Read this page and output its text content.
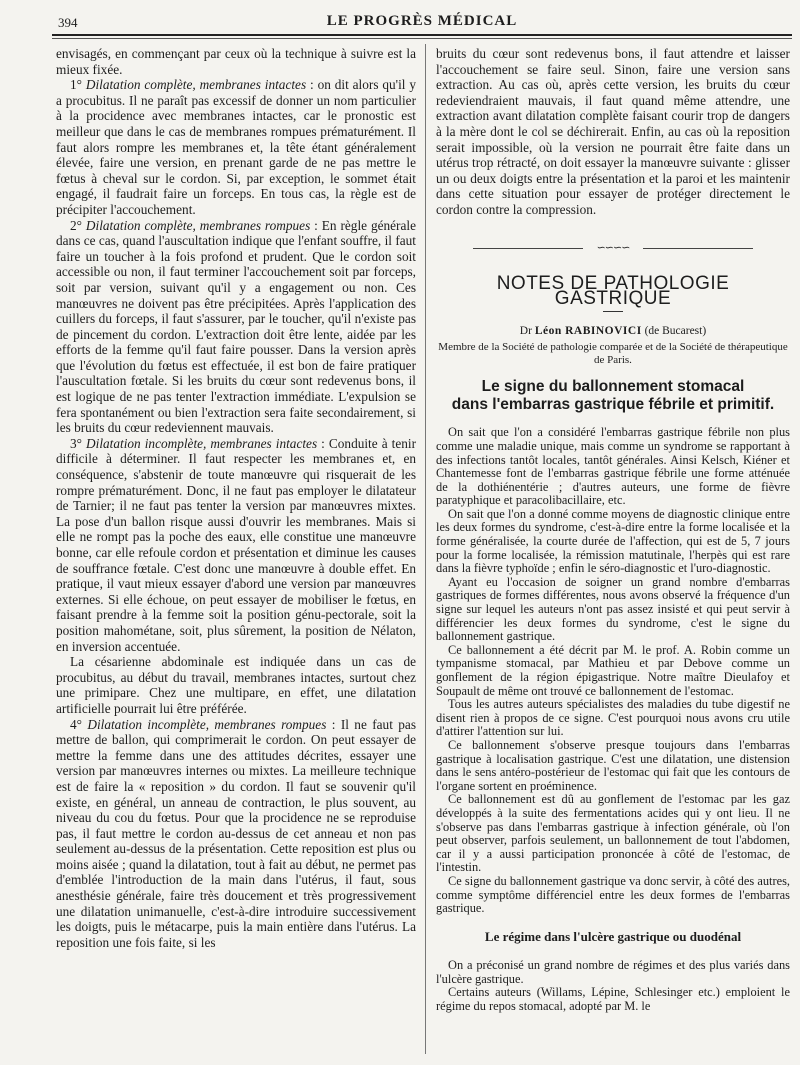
394	LE PROGRÈS MÉDICAL

envisagés, en commençant par ceux où la technique à suivre est la mieux fixée.

1° Dilatation complète, membranes intactes : on dit alors qu'il y a procubitus. Il ne paraît pas excessif de donner un nom particulier à la procidence avec membranes intactes, car le pronostic est meilleur que dans le cas de membranes rompues prématurément. Il faut alors rompre les membranes et, la tête étant généralement élevée, faire une version, en prenant garde de ne pas mettre le fœtus à cheval sur le cordon. Si, par exception, le sommet était engagé, il faudrait faire un forceps. En tous cas, la règle est de précipiter l'accouchement.

2° Dilatation complète, membranes rompues : En règle générale dans ce cas, quand l'auscultation indique que l'enfant souffre, il faut faire un toucher à la fois profond et prudent. Que le cordon soit accessible ou non, il faut terminer l'accouchement soit par forceps, soit par version, suivant qu'il y a engagement ou non. Ces manœuvres ne doivent pas être précipitées. Après l'application des cuillers du forceps, il faut s'assurer, par le toucher, qu'il n'existe pas de pincement du cordon. L'extraction doit être lente, aidée par les efforts de la femme qu'il faut faire pousser. Dans la version après que l'évolution du fœtus est effectuée, il est bon de faire pratiquer l'auscultation fœtale. Si les bruits du cœur sont redevenus bons, il est logique de ne pas tenter l'extraction immédiate. L'expulsion se fera spontanément ou bien l'extraction sera faite secondairement, si les bruits du cœur redeviennent mauvais.

3° Dilatation incomplète, membranes intactes : Conduite à tenir difficile à déterminer. Il faut respecter les membranes et, en conséquence, s'abstenir de toute manœuvre qui risquerait de les rompre prématurément. Donc, il ne faut pas employer le dilatateur de Tarnier; il ne faut pas tenter la version par manœuvres mixtes. La pose d'un ballon risque aussi d'ouvrir les membranes. Mais si elle ne rompt pas la poche des eaux, elle constitue une manœuvre bonne, car elle refoule cordon et présentation et diminue les causes de souffrance fœtale. C'est donc une manœuvre à double effet. En pratique, il vaut mieux essayer d'abord une version par manœuvres externes. Si elle échoue, on peut essayer de mobiliser le fœtus, en faisant prendre à la femme soit la position génu-pectorale, soit la position mahométane, soit, plus sûrement, la position de Nélaton, en inversion accentuée.

La césarienne abdominale est indiquée dans un cas de procubitus, au début du travail, membranes intactes, surtout chez une primipare. Chez une multipare, en effet, une dilatation artificielle pourrait lui être préférée.

4° Dilatation incomplète, membranes rompues : Il ne faut pas mettre de ballon, qui comprimerait le cordon. On peut essayer de mettre la femme dans une des attitudes décrites, essayer une version par manœuvres internes ou mixtes. La meilleure technique est de faire la « reposition » du cordon. Il faut se souvenir qu'il existe, en général, un anneau de contraction, le plus souvent, au niveau du cou du fœtus. Pour que la procidence ne se reproduise pas, il faut mettre le cordon au-dessus de cet anneau et non pas seulement au-dessus de la présentation. Cette reposition est plus ou moins aisée ; quand la dilatation, tout à fait au début, ne permet pas d'emblée l'introduction de la main dans l'utérus, il faut, sous anesthésie générale, faire très doucement et très progressivement une dilatation unimanuelle, c'est-à-dire introduire successivement les doigts, puis le métacarpe, puis la main entière dans l'utérus. La reposition une fois faite, si les

bruits du cœur sont redevenus bons, il faut attendre et laisser l'accouchement se faire seul. Sinon, faire une version sans extraction. Au cas où, après cette version, les bruits du cœur redeviendraient mauvais, il faut quand même attendre, une extraction avant dilatation complète faisant courir trop de dangers à la mère dont le col se déchirerait. Enfin, au cas où la reposition serait impossible, où la version ne pourrait être faite dans un utérus trop rétracté, on doit essayer la manœuvre suivante : glisser un ou deux doigts entre la présentation et la paroi et les maintenir dans cette situation pour essayer de protéger directement le cordon contre la compression.

∽∽∽∽
NOTES DE PATHOLOGIE GASTRIQUE
Dr Léon RABINOVICI (de Bucarest)
Membre de la Société de pathologie comparée et de la Société de thérapeutique de Paris.
Le signe du ballonnement stomacal
dans l'embarras gastrique fébrile et primitif.

On sait que l'on a considéré l'embarras gastrique fébrile non plus comme une maladie unique, mais comme un syndrome se rapportant à des infections tantôt locales, tantôt générales. Ainsi Kelsch, Kiéner et Chantemesse font de l'embarras gastrique fébrile une forme atténuée de la dothiénentérie ; d'autres auteurs, une forme de fièvre paratyphique et paracolibacillaire, etc.

On sait que l'on a donné comme moyens de diagnostic clinique entre les deux formes du syndrome, c'est-à-dire entre la forme localisée et la forme généralisée, la courte durée de l'affection, qui est de 5, 7 jours pour la forme localisée, la rémission matutinale, l'herpès qui est rare dans la fièvre typhoïde ; enfin le séro-diagnostic et l'uro-diagnostic.

Ayant eu l'occasion de soigner un grand nombre d'embarras gastriques de formes différentes, nous avons observé la fréquence d'un signe sur lequel les auteurs n'ont pas assez insisté et qui peut servir à différencier les deux formes du syndrome, c'est le signe du ballonnement gastrique.

Ce ballonnement a été décrit par M. le prof. A. Robin comme un tympanisme stomacal, par Mathieu et par Debove comme un gonflement de la région épigastrique. Notre maître Dieulafoy et Soupault de même ont trouvé ce ballonnement de l'estomac.

Tous les autres auteurs spécialistes des maladies du tube digestif ne disent rien à propos de ce signe. C'est pourquoi nous avons cru utile d'attirer l'attention sur lui.

Ce ballonnement s'observe presque toujours dans l'embarras gastrique à localisation gastrique. C'est une dilatation, une distension dans le sens antéro-postérieur de l'estomac qui fait que les contours de l'organe sortent en proéminence.

Ce ballonnement est dû au gonflement de l'estomac par les gaz développés à la suite des fermentations acides qui y ont lieu. Il ne s'observe pas dans l'embarras gastrique à infection générale, où l'on peut observer, parfois seulement, un ballonnement de tout l'abdomen, car il y a aussi participation prononcée à côté de l'estomac, de l'intestin.

Ce signe du ballonnement gastrique va donc servir, à côté des autres, comme symptôme différenciel entre les deux formes de l'embarras gastrique.

Le régime dans l'ulcère gastrique ou duodénal

On a préconisé un grand nombre de régimes et des plus variés dans l'ulcère gastrique.

Certains auteurs (Willams, Lépine, Schlesinger etc.) emploient le régime du repos stomacal, adopté par M. le
